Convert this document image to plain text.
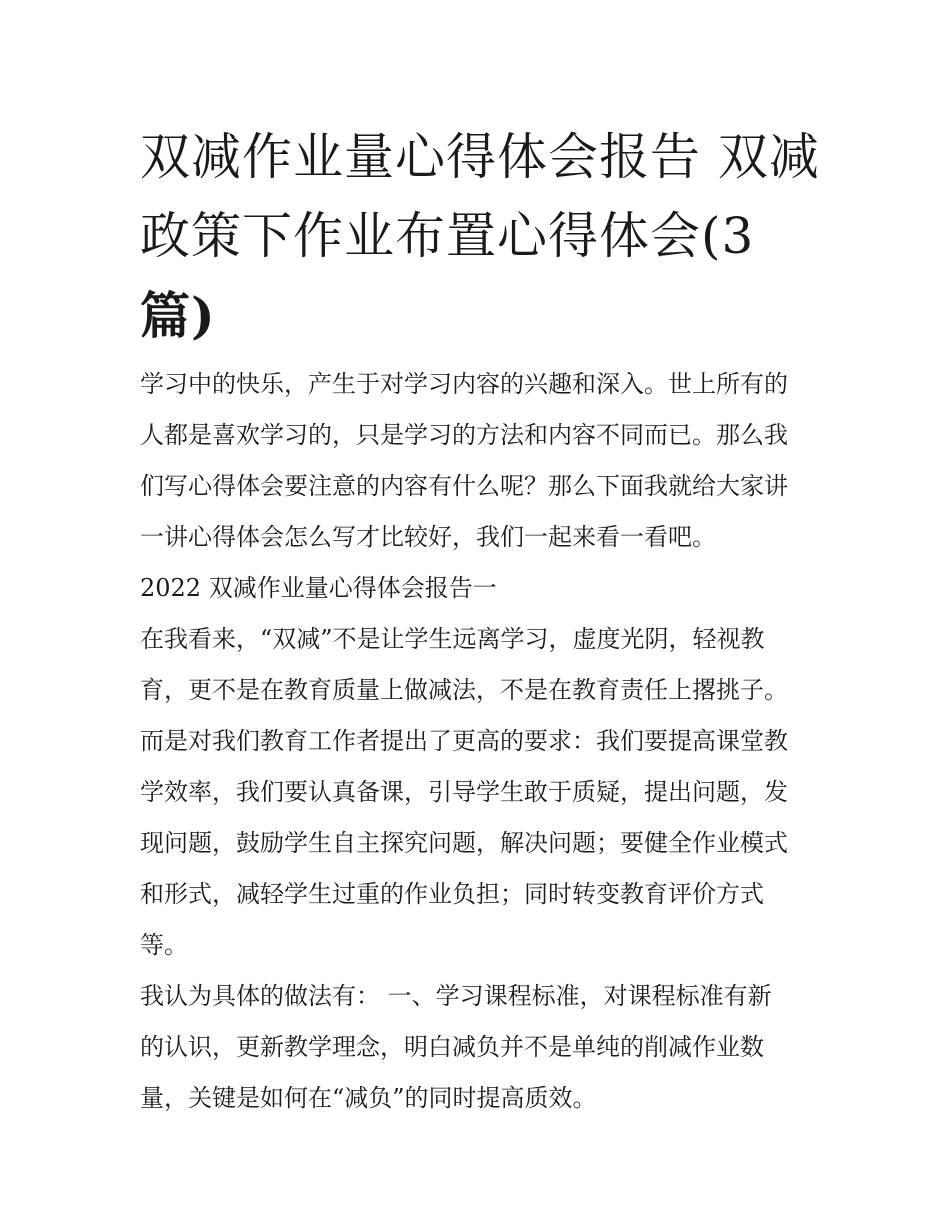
双减作业量心得体会报告 双减
政策下作业布置心得体会(3
篇)

学习中的快乐，产生于对学习内容的兴趣和深入。世上所有的
人都是喜欢学习的，只是学习的方法和内容不同而已。那么我
们写心得体会要注意的内容有什么呢？那么下面我就给大家讲
一讲心得体会怎么写才比较好，我们一起来看一看吧。

2022 双减作业量心得体会报告一

在我看来，“双减”不是让学生远离学习，虚度光阴，轻视教
育，更不是在教育质量上做减法，不是在教育责任上撂挑子。
而是对我们教育工作者提出了更高的要求：我们要提高课堂教
学效率，我们要认真备课，引导学生敢于质疑，提出问题，发
现问题，鼓励学生自主探究问题，解决问题；要健全作业模式
和形式，减轻学生过重的作业负担；同时转变教育评价方式
等。

我认为具体的做法有： 一、学习课程标准，对课程标准有新
的认识，更新教学理念，明白减负并不是单纯的削减作业数
量，关键是如何在“减负”的同时提高质效。
